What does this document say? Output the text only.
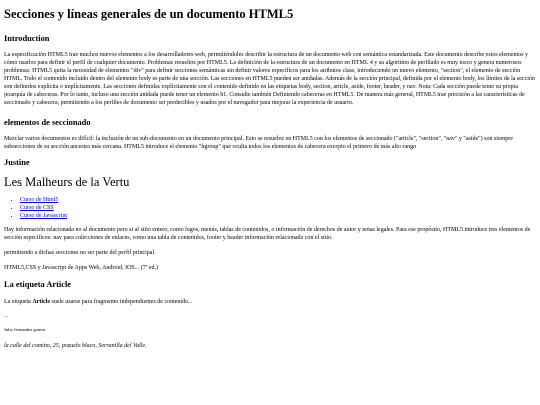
Secciones y líneas generales de un documento HTML5
Introduction

La especificación HTML5 trae muchos nuevos elementos a los desarrolladores web, permitiéndoles describir la estructura de un documento web con semántica estandarizada. Este documento describe estos elementos y cómo usarlos para definir el perfil de cualquier documento. Problemas resueltos por HTML5. La definición de la estructura de un documento en HTML 4 y su algoritmo de perfilado es muy tosco y genera numerosos problemas: HTML5 quita la necesidad de elementos "div" para definir secciones semánticas sin definir valores específicos para los atributos class, introduciendo un nuevo elemento, "section", el elemento de sección HTML. Todo el contenido incluido dentro del elemento body es parte de una sección. Las secciones en HTML5 pueden ser anidadas. Además de la sección principal, definida por el elemento body, los límites de la sección son definidos explícita o implícitamente. Las secciones definidas explícitamente son el contenido definido en las etiquetas body, section, article, aside, footer, header, y nav. Nota: Cada sección puede tener su propia jerarquía de cabeceras. Por lo tanto, incluso una sección anidada puede tener un elemento h1. Consulte también Definiendo cabeceras en HTML5. De manera más general, HTML5 trae precisión a las características de seccionado y cabecera, permitiendo a los perfiles de documento ser predecibles y usados por el navegador para mejorar la experiencia de usuario.

elementos de seccionado

Mezclar varios documentos es difícil: la inclusión de un sub-documento en un documento principal. Esto se resuelve en HTML5 con los elementos de seccionado ("article", "section", "nav" y "aside") son siempre subsecciones de su sección ancestra más cercana. HTML5 introduce el elemento "hgroup" que oculta todos los elementos de cabecera excepto el primero de más alto rango

Justine
Les Malheurs de la Vertu
• Curso de Html5
• Curso de CSS
• Curso de Javascript

Hay información relacionada no al documento pero si al sitio entero, como logos, menús, tablas de contenidos, o información de derechos de autor y notas legales. Para ese propósito, HTML5 introduce tres elementos de sección específicos: nav para colecciones de enlaces, como una tabla de contenidos, footer y header información relacionada con el sitio.

permitiendo a dichas secciones no ser parte del perfil principal.

HTML5,CSS y Javascript de Apps Web, Android, IOS... (7ª ed.)

La etiqueta Article

La etiqueta Article suele usarse para fragmento independientes de contenido...

...
Julio fernandez gomez
la calle del comino, 25, pozuelo blaco, Serranilla del Valle.
